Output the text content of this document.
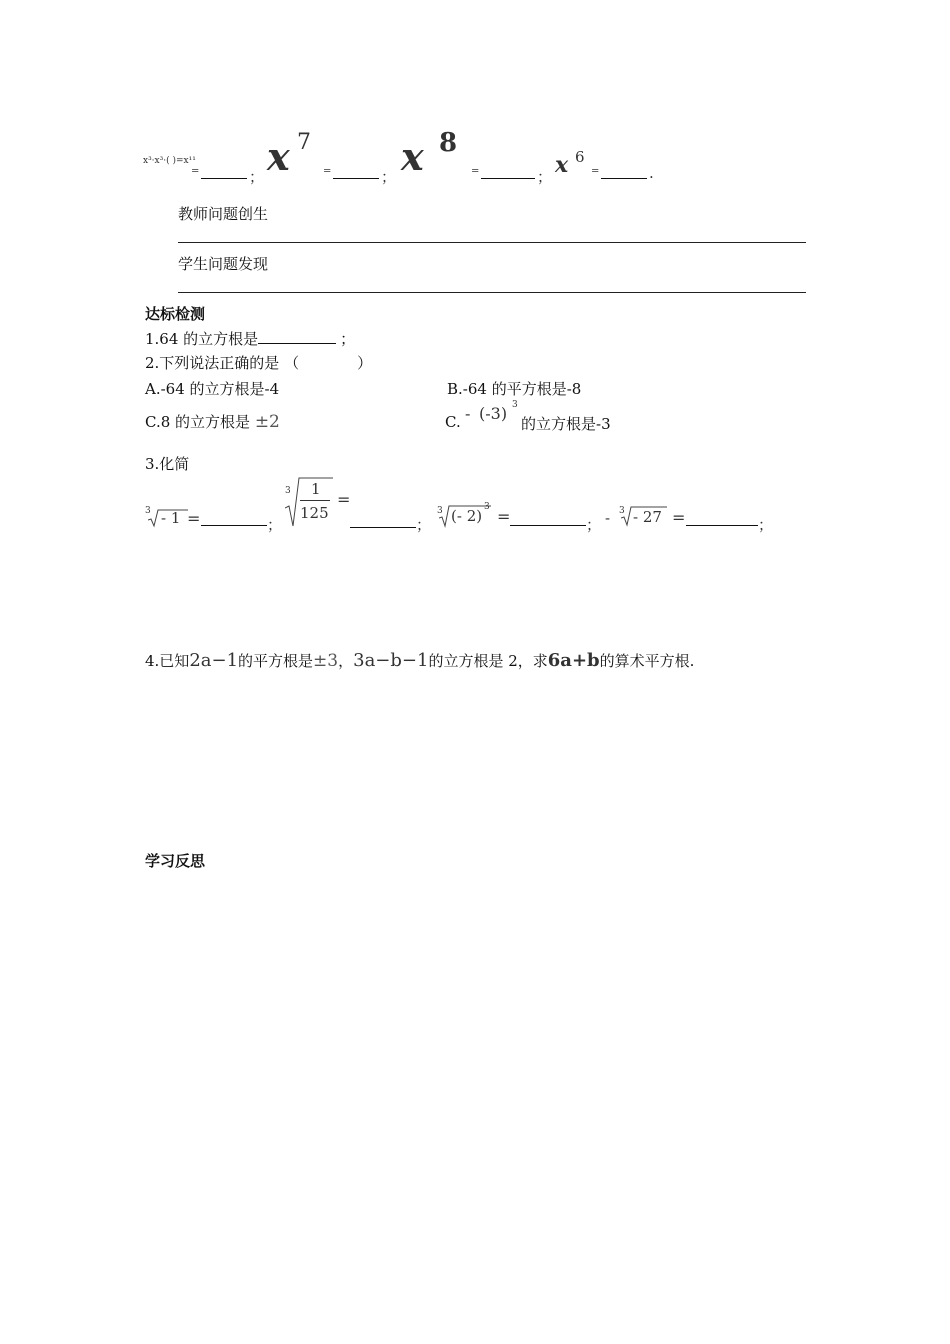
x³·x³·( )=x¹¹
=	； x 7
=	； x 8
=	； x 6
=	.
教师问题创生
学生问题发现
达标检测
1.64 的立方根是	；
2.下列说法正确的是 （	）
A.-64 的立方根是-4	B.-64 的平方根是-8
C.8 的立方根是 ±2	C. - (-3) 3
的立方根是-3
3.化简
3 - 1 =	；
3 1
125
=
；
3 (- 2) 3 =	； - 3 - 27 =	；
4.已知2a−1的平方根是±3，3a−b−1的立方根是 2，求6a+b的算术平方根.
学习反思
